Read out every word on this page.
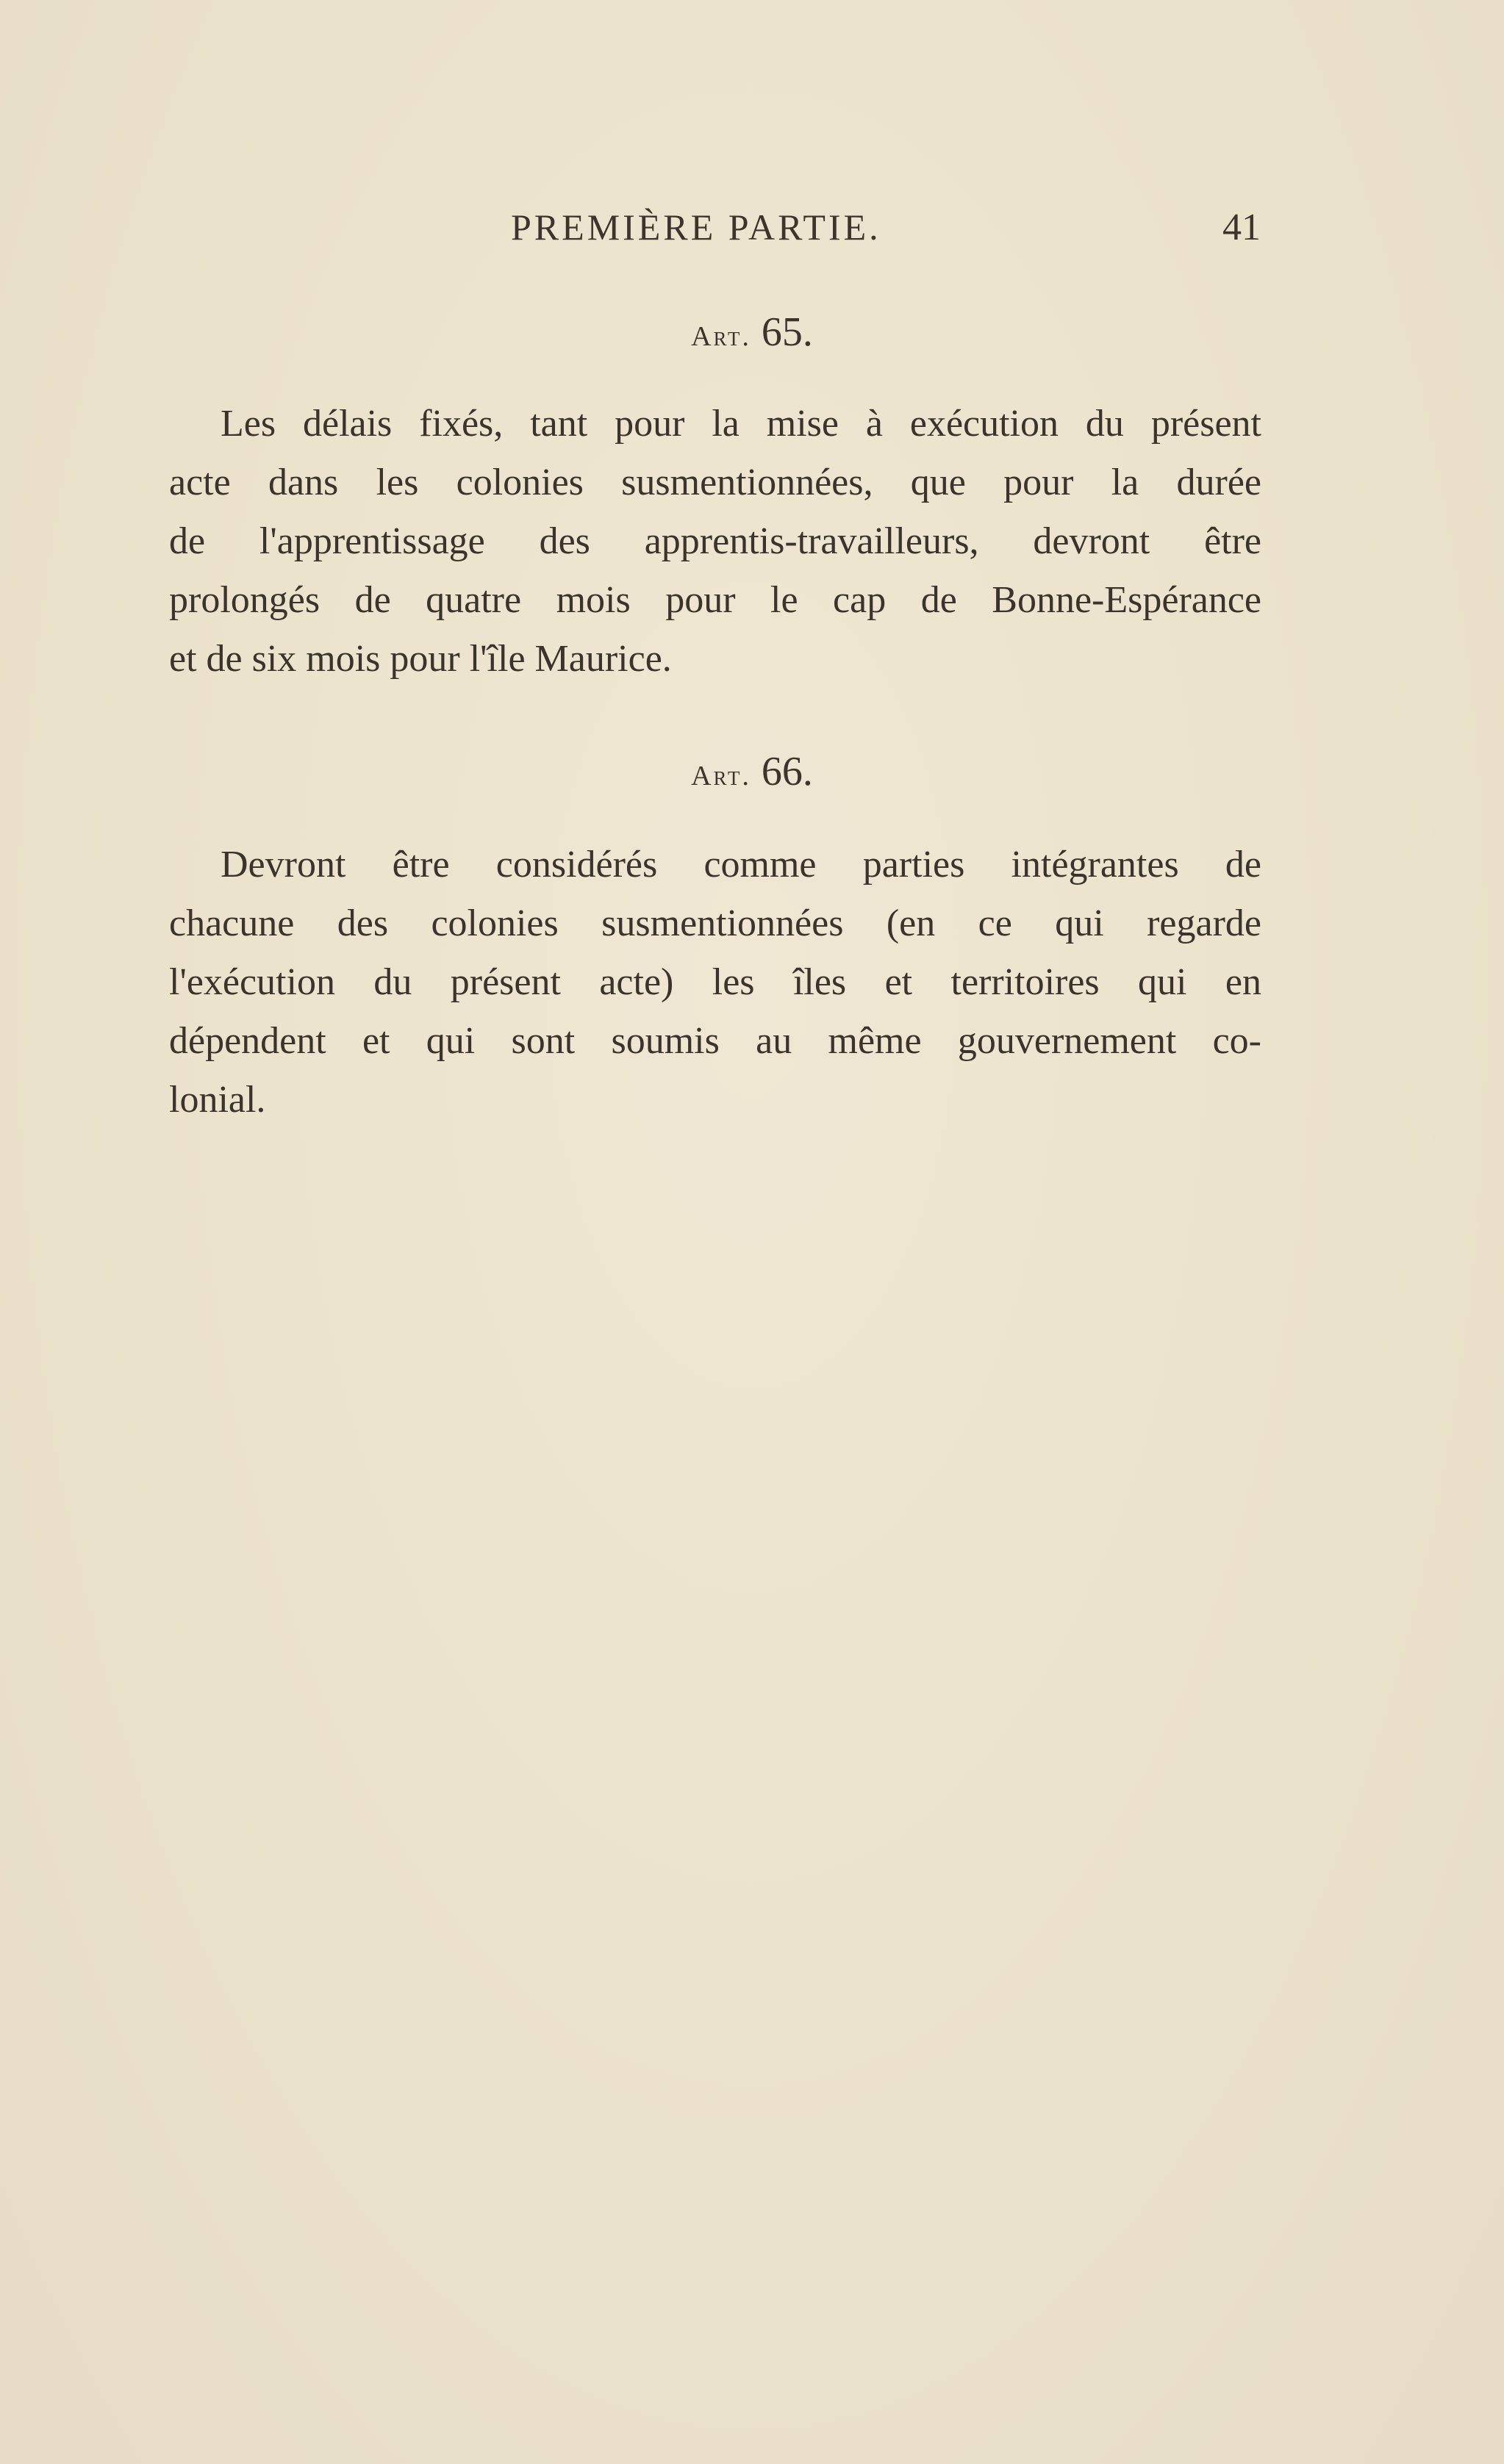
PREMIÈRE PARTIE.	41
Art. 65.
Les délais fixés, tant pour la mise à exécution du présent
acte dans les colonies susmentionnées, que pour la durée
de l'apprentissage des apprentis-travailleurs, devront être
prolongés de quatre mois pour le cap de Bonne-Espérance
et de six mois pour l'île Maurice.
Art. 66.
Devront être considérés comme parties intégrantes de
chacune des colonies susmentionnées (en ce qui regarde
l'exécution du présent acte) les îles et territoires qui en
dépendent et qui sont soumis au même gouvernement co-
lonial.
